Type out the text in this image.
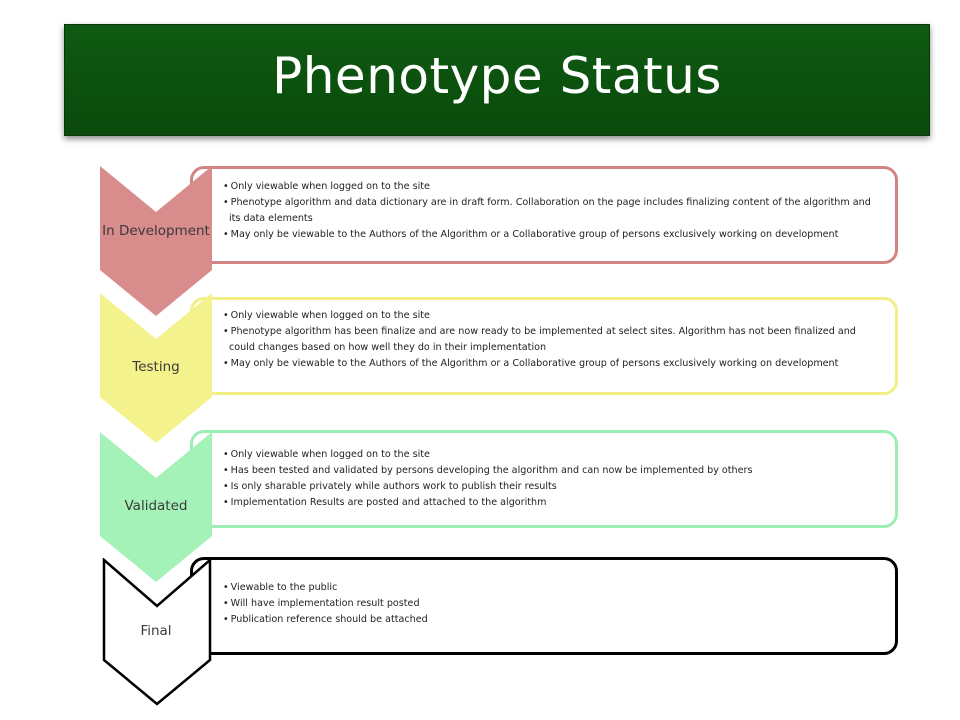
Phenotype Status
• Only viewable when logged on to the site
• Phenotype algorithm and data dictionary are in draft form. Collaboration on the page includes finalizing content of the algorithm and its data elements
• May only be viewable to the Authors of the Algorithm or a Collaborative group of persons exclusively working on development
In Development
• Only viewable when logged on to the site
• Phenotype algorithm has been finalize and are now ready to be implemented at select sites. Algorithm has not been finalized and could changes based on how well they do in their implementation
• May only be viewable to the Authors of the Algorithm or a Collaborative group of persons exclusively working on development
Testing
• Only viewable when logged on to the site
• Has been tested and validated by persons developing the algorithm and can now be implemented by others
• Is only sharable privately while authors work to publish their results
• Implementation Results are posted and attached to the algorithm
Validated
• Viewable to the public
• Will have implementation result posted
• Publication reference should be attached
Final
